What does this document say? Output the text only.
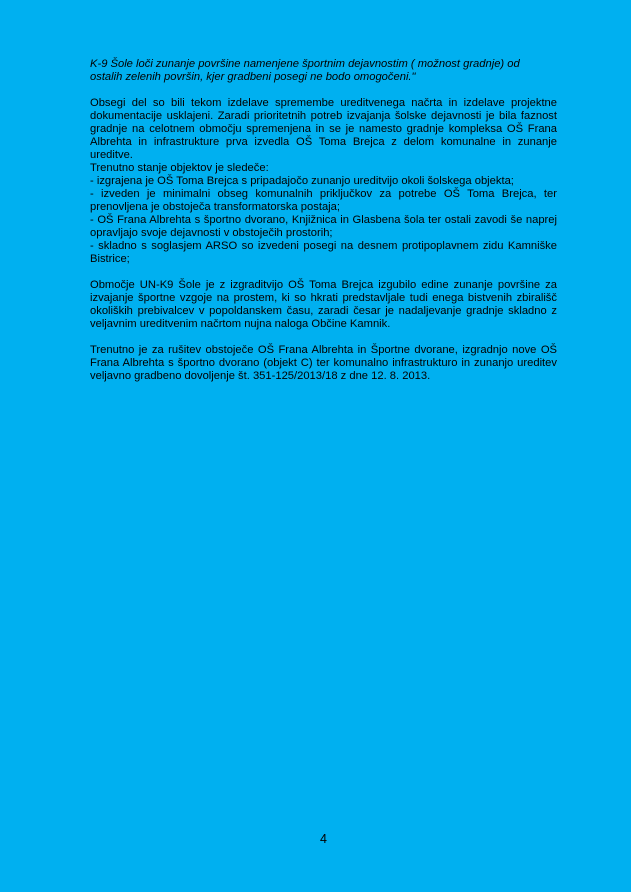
K-9 Šole loči zunanje površine namenjene športnim dejavnostim ( možnost gradnje) od
ostalih zelenih površin, kjer gradbeni posegi ne bodo omogočeni."

Obsegi del so bili tekom izdelave spremembe ureditvenega načrta in izdelave projektne dokumentacije usklajeni. Zaradi prioritetnih potreb izvajanja šolske dejavnosti je bila faznost gradnje na celotnem območju spremenjena in se je namesto gradnje kompleksa OŠ Frana Albrehta in infrastrukture prva izvedla OŠ Toma Brejca z delom komunalne in zunanje ureditve.

Trenutno stanje objektov je sledeče:

- izgrajena je OŠ Toma Brejca s pripadajočo zunanjo ureditvijo okoli šolskega objekta;

- izveden je minimalni obseg komunalnih priključkov za potrebe OŠ Toma Brejca, ter prenovljena je obstoječa transformatorska postaja;

- OŠ Frana Albrehta s športno dvorano, Knjižnica in Glasbena šola ter ostali zavodi še naprej opravljajo svoje dejavnosti v obstoječih prostorih;

- skladno s soglasjem ARSO so izvedeni posegi na desnem protipoplavnem zidu Kamniške Bistrice;

Območje UN-K9 Šole je z izgraditvijo OŠ Toma Brejca izgubilo edine zunanje površine za izvajanje športne vzgoje na prostem, ki so hkrati predstavljale tudi enega bistvenih zbirališč okoliških prebivalcev v popoldanskem času, zaradi česar je nadaljevanje gradnje skladno z veljavnim ureditvenim načrtom nujna naloga Občine Kamnik.

Trenutno je za rušitev obstoječe OŠ Frana Albrehta in Športne dvorane, izgradnjo nove OŠ Frana Albrehta s športno dvorano (objekt C) ter komunalno infrastrukturo in zunanjo ureditev veljavno gradbeno dovoljenje št. 351-125/2013/18 z dne 12. 8. 2013.

4
